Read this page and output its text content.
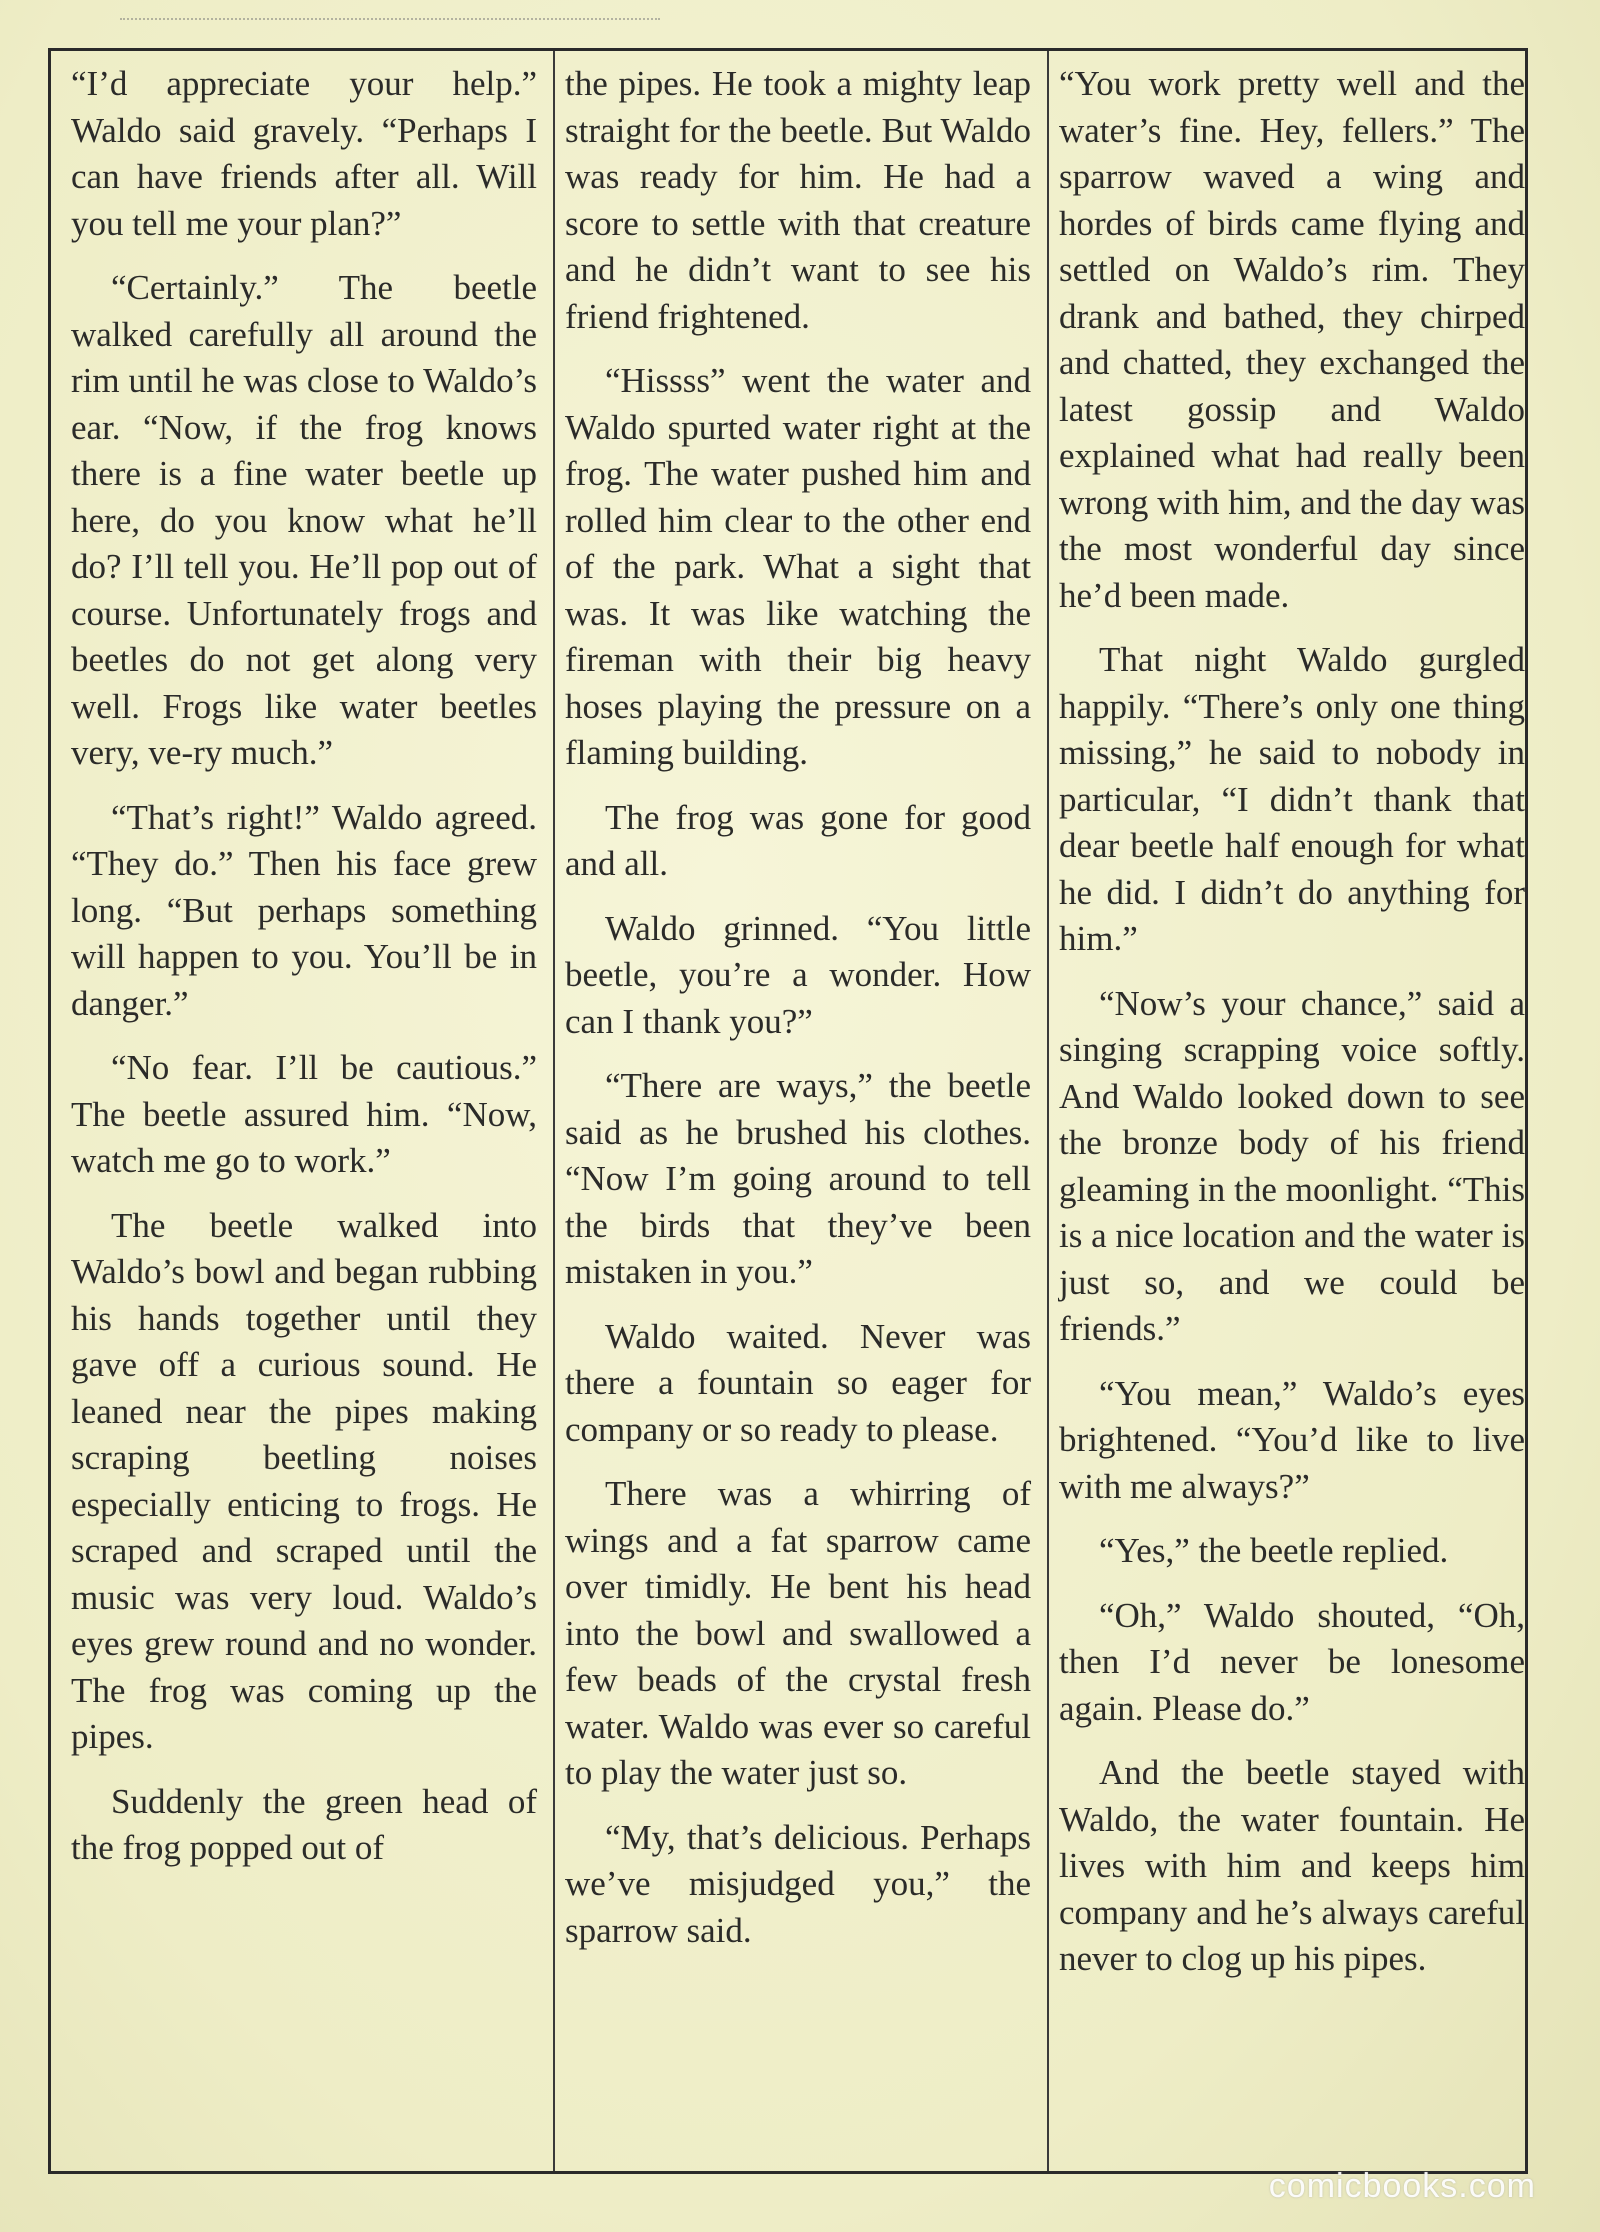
“I’d appreciate your help.” Waldo said gravely. “Perhaps I can have friends after all. Will you tell me your plan?”

“Certainly.” The beetle walked carefully all around the rim until he was close to Waldo’s ear. “Now, if the frog knows there is a fine water beetle up here, do you know what he’ll do? I’ll tell you. He’ll pop out of course. Unfortunately frogs and beetles do not get along very well. Frogs like water beetles very, ve-ry much.”

“That’s right!” Waldo agreed. “They do.” Then his face grew long. “But perhaps something will happen to you. You’ll be in danger.”

“No fear. I’ll be cautious.” The beetle assured him. “Now, watch me go to work.”

The beetle walked into Waldo’s bowl and began rubbing his hands together until they gave off a curious sound. He leaned near the pipes making scraping beetling noises especially enticing to frogs. He scraped and scraped until the music was very loud. Waldo’s eyes grew round and no wonder. The frog was coming up the pipes.

Suddenly the green head of the frog popped out of

the pipes. He took a mighty leap straight for the beetle. But Waldo was ready for him. He had a score to settle with that creature and he didn’t want to see his friend frightened.

“Hissss” went the water and Waldo spurted water right at the frog. The water pushed him and rolled him clear to the other end of the park. What a sight that was. It was like watching the fireman with their big heavy hoses playing the pressure on a flaming building.

The frog was gone for good and all.

Waldo grinned. “You little beetle, you’re a wonder. How can I thank you?”

“There are ways,” the beetle said as he brushed his clothes. “Now I’m going around to tell the birds that they’ve been mistaken in you.”

Waldo waited. Never was there a fountain so eager for company or so ready to please.

There was a whirring of wings and a fat sparrow came over timidly. He bent his head into the bowl and swallowed a few beads of the crystal fresh water. Waldo was ever so careful to play the water just so.

“My, that’s delicious. Perhaps we’ve misjudged you,” the sparrow said.

“You work pretty well and the water’s fine. Hey, fellers.” The sparrow waved a wing and hordes of birds came flying and settled on Waldo’s rim. They drank and bathed, they chirped and chatted, they exchanged the latest gossip and Waldo explained what had really been wrong with him, and the day was the most wonderful day since he’d been made.

That night Waldo gurgled happily. “There’s only one thing missing,” he said to nobody in particular, “I didn’t thank that dear beetle half enough for what he did. I didn’t do anything for him.”

“Now’s your chance,” said a singing scrapping voice softly. And Waldo looked down to see the bronze body of his friend gleaming in the moonlight. “This is a nice location and the water is just so, and we could be friends.”

“You mean,” Waldo’s eyes brightened. “You’d like to live with me always?”

“Yes,” the beetle replied.

“Oh,” Waldo shouted, “Oh, then I’d never be lonesome again. Please do.”

And the beetle stayed with Waldo, the water fountain. He lives with him and keeps him company and he’s always careful never to clog up his pipes.

comicbooks.com
